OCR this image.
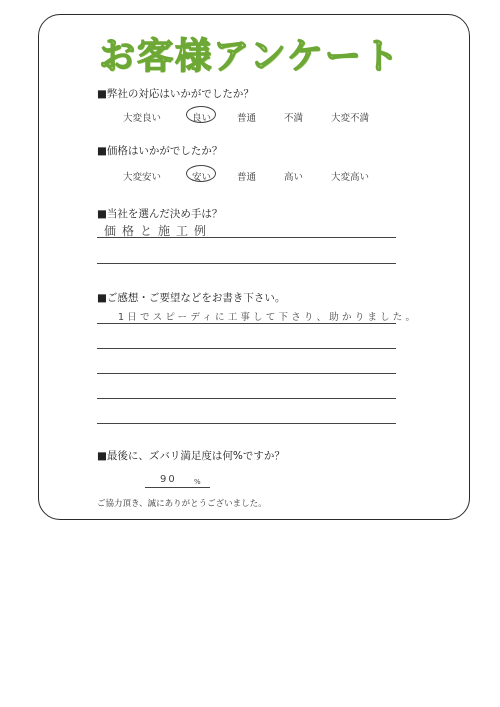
お客様アンケート
■弊社の対応はいかがでしたか？
大変良い	良い	普通	不満	大変不満
■価格はいかがでしたか？
大変安い	安い	普通	高い	大変高い
■当社を選んだ決め手は？
価格と施工例
■ご感想・ご要望などをお書き下さい。
1日でスピーディに工事して下さり、助かりました。
■最後に、ズバリ満足度は何%ですか？
90 %
ご協力頂き、誠にありがとうございました。
